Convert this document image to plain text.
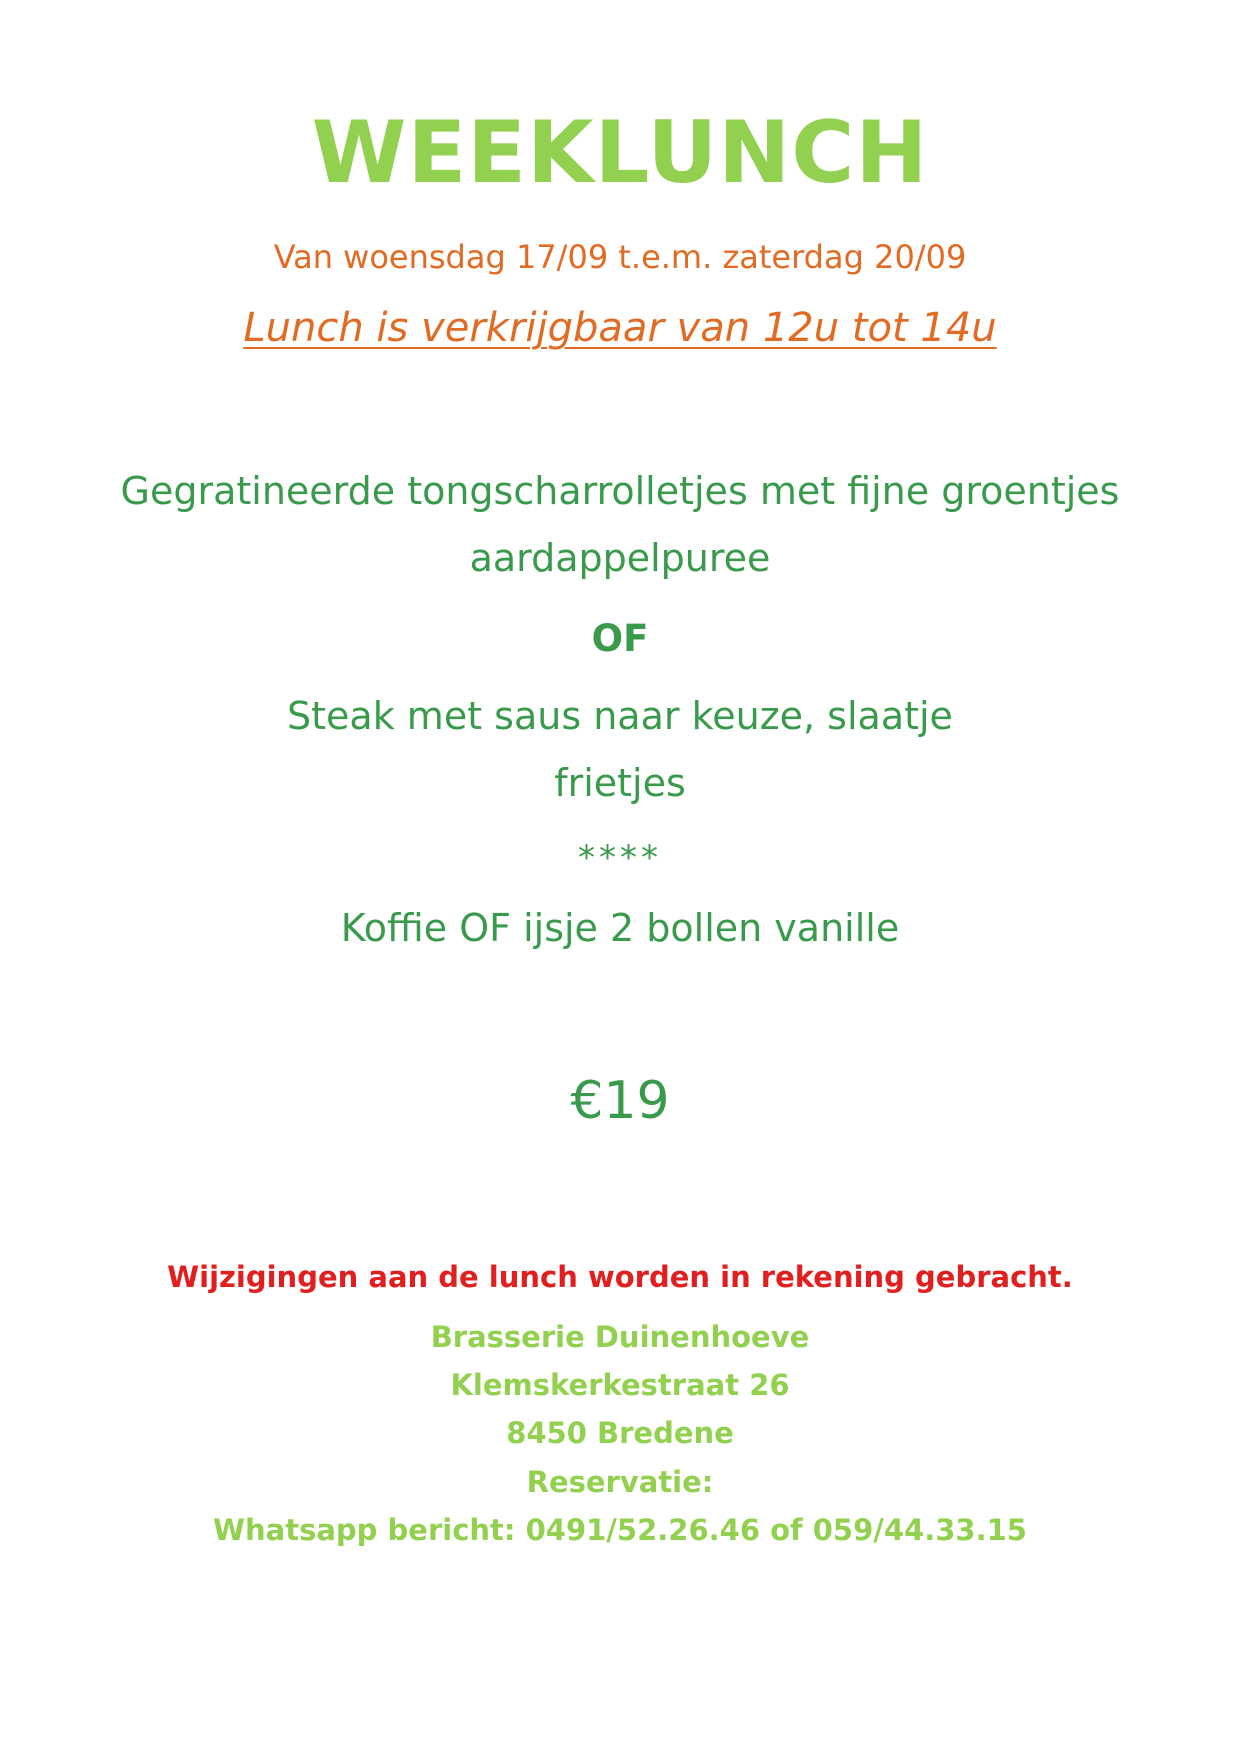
WEEKLUNCH
Van woensdag 17/09 t.e.m. zaterdag 20/09
Lunch is verkrijgbaar van 12u tot 14u
Gegratineerde tongscharrolletjes met fijne groentjes
aardappelpuree
OF
Steak met saus naar keuze, slaatje
frietjes
****
Koffie OF ijsje 2 bollen vanille
€19
Wijzigingen aan de lunch worden in rekening gebracht.
Brasserie Duinenhoeve
Klemskerkestraat 26
8450 Bredene
Reservatie:
Whatsapp bericht: 0491/52.26.46 of 059/44.33.15
